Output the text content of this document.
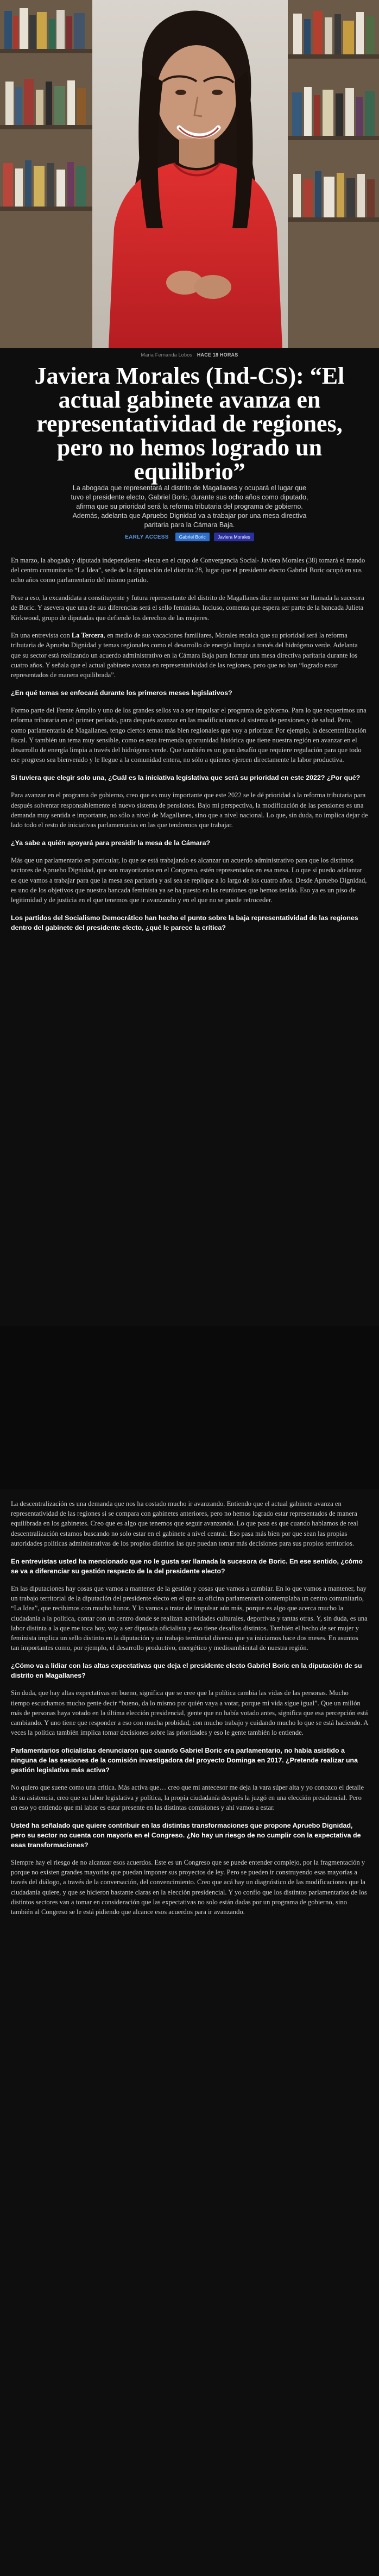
Maria Fernanda Lobos HACE 18 HORAS
Javiera Morales (Ind-CS): “El actual gabinete avanza en representatividad de regiones, pero no hemos logrado un equilibrio”

La abogada que representará al distrito de Magallanes y ocupará el lugar que tuvo el presidente electo, Gabriel Boric, durante sus ocho años como diputado, afirma que su prioridad será la reforma tributaria del programa de gobierno. Además, adelanta que Apruebo Dignidad va a trabajar por una mesa directiva paritaria para la Cámara Baja.

EARLY ACCESS	Gabriel Boric	Javiera Morales

En marzo, la abogada y diputada independiente -electa en el cupo de Convergencia Social- Javiera Morales (38) tomará el mando del centro comunitario “La Idea”, sede de la diputación del distrito 28, lugar que el presidente electo Gabriel Boric ocupó en sus ocho años como parlamentario del mismo partido.

Pese a eso, la excandidata a constituyente y futura representante del distrito de Magallanes dice no querer ser llamada la sucesora de Boric. Y asevera que una de sus diferencias será el sello feminista. Incluso, comenta que espera ser parte de la bancada Julieta Kirkwood, grupo de diputadas que defiende los derechos de las mujeres.

En una entrevista con La Tercera, en medio de sus vacaciones familiares, Morales recalca que su prioridad será la reforma tributaria de Apruebo Dignidad y temas regionales como el desarrollo de energía limpia a través del hidrógeno verde. Adelanta que su sector está realizando un acuerdo administrativo en la Cámara Baja para formar una mesa directiva paritaria durante los cuatro años. Y señala que el actual gabinete avanza en representatividad de las regiones, pero que no han “logrado estar representados de manera equilibrada”.

¿En qué temas se enfocará durante los primeros meses legislativos?

Formo parte del Frente Amplio y uno de los grandes sellos va a ser impulsar el programa de gobierno. Para lo que requerimos una reforma tributaria en el primer período, para después avanzar en las modificaciones al sistema de pensiones y de salud. Pero, como parlamentaria de Magallanes, tengo ciertos temas más bien regionales que voy a priorizar. Por ejemplo, la descentralización fiscal. Y también un tema muy sensible, como es esta tremenda oportunidad histórica que tiene nuestra región en avanzar en el desarrollo de energía limpia a través del hidrógeno verde. Que también es un gran desafío que requiere regulación para que todo ese progreso sea bienvenido y le llegue a la comunidad entera, no sólo a quienes ejercen directamente la labor productiva.

Si tuviera que elegir solo una, ¿Cuál es la iniciativa legislativa que será su prioridad en este 2022? ¿Por qué?

Para avanzar en el programa de gobierno, creo que es muy importante que este 2022 se le dé prioridad a la reforma tributaria para después solventar responsablemente el nuevo sistema de pensiones. Bajo mi perspectiva, la modificación de las pensiones es una demanda muy sentida e importante, no sólo a nivel de Magallanes, sino que a nivel nacional. Lo que, sin duda, no implica dejar de lado todo el resto de iniciativas parlamentarias en las que tendremos que trabajar.

¿Ya sabe a quién apoyará para presidir la mesa de la Cámara?

Más que un parlamentario en particular, lo que se está trabajando es alcanzar un acuerdo administrativo para que los distintos sectores de Apruebo Dignidad, que son mayoritarios en el Congreso, estén representados en esa mesa. Lo que sí puedo adelantar es que vamos a trabajar para que la mesa sea paritaria y así sea se replique a lo largo de los cuatro años. Desde Apruebo Dignidad, es uno de los objetivos que nuestra bancada feminista ya se ha puesto en las reuniones que hemos tenido. Eso ya es un piso de legitimidad y de justicia en el que tenemos que ir avanzando y en el que no se puede retroceder.

Los partidos del Socialismo Democrático han hecho el punto sobre la baja representatividad de las regiones dentro del gabinete del presidente electo, ¿qué le parece la crítica?

La descentralización es una demanda que nos ha costado mucho ir avanzando. Entiendo que el actual gabinete avanza en representatividad de las regiones si se compara con gabinetes anteriores, pero no hemos logrado estar representados de manera equilibrada en los gabinetes. Creo que es algo que tenemos que seguir avanzando. Lo que pasa es que cuando hablamos de real descentralización estamos buscando no solo estar en el gabinete a nivel central. Eso pasa más bien por que sean las propias autoridades políticas administrativas de los propios distritos las que puedan tomar más decisiones para sus propios territorios.

En entrevistas usted ha mencionado que no le gusta ser llamada la sucesora de Boric. En ese sentido, ¿cómo se va a diferenciar su gestión respecto de la del presidente electo?

En las diputaciones hay cosas que vamos a mantener de la gestión y cosas que vamos a cambiar. En lo que vamos a mantener, hay un trabajo territorial de la diputación del presidente electo en el que su oficina parlamentaria contemplaba un centro comunitario, “La Idea”, que recibimos con mucho honor. Y lo vamos a tratar de impulsar aún más, porque es algo que acerca mucho la ciudadanía a la política, contar con un centro donde se realizan actividades culturales, deportivas y tantas otras. Y, sin duda, es una labor distinta a la que me toca hoy, voy a ser diputada oficialista y eso tiene desafíos distintos. También el hecho de ser mujer y feminista implica un sello distinto en la diputación y un trabajo territorial diverso que ya iniciamos hace dos meses. En asuntos tan importantes como, por ejemplo, el desarrollo productivo, energético y medioambiental de nuestra región.

¿Cómo va a lidiar con las altas expectativas que deja el presidente electo Gabriel Boric en la diputación de su distrito en Magallanes?

Sin duda, que hay altas expectativas en bueno, significa que se cree que la política cambia las vidas de las personas. Mucho tiempo escuchamos mucho gente decir “bueno, da lo mismo por quién vaya a votar, porque mi vida sigue igual”. Que un millón más de personas haya votado en la última elección presidencial, gente que no había votado antes, significa que esa percepción está cambiando. Y uno tiene que responder a eso con mucha probidad, con mucho trabajo y cuidando mucho lo que se está haciendo. A veces la política también implica tomar decisiones sobre las prioridades y eso le gente también lo entiende.

Parlamentarios oficialistas denunciaron que cuando Gabriel Boric era parlamentario, no había asistido a ninguna de las sesiones de la comisión investigadora del proyecto Dominga en 2017. ¿Pretende realizar una gestión legislativa más activa?

No quiero que suene como una crítica. Más activa que… creo que mi antecesor me deja la vara súper alta y yo conozco el detalle de su asistencia, creo que su labor legislativa y política, la propia ciudadanía después la juzgó en una elección presidencial. Pero en eso yo entiendo que mi labor es estar presente en las distintas comisiones y ahí vamos a estar.

Usted ha señalado que quiere contribuir en las distintas transformaciones que propone Apruebo Dignidad, pero su sector no cuenta con mayoría en el Congreso. ¿No hay un riesgo de no cumplir con la expectativa de esas transformaciones?

Siempre hay el riesgo de no alcanzar esos acuerdos. Este es un Congreso que se puede entender complejo, por la fragmentación y porque no existen grandes mayorías que puedan imponer sus proyectos de ley. Pero se pueden ir construyendo esas mayorías a través del diálogo, a través de la conversación, del convencimiento. Creo que acá hay un diagnóstico de las modificaciones que la ciudadanía quiere, y que se hicieron bastante claras en la elección presidencial. Y yo confío que los distintos parlamentarios de los distintos sectores van a tomar en consideración que las expectativas no solo están dadas por un programa de gobierno, sino también al Congreso se le está pidiendo que alcance esos acuerdos para ir avanzando.
